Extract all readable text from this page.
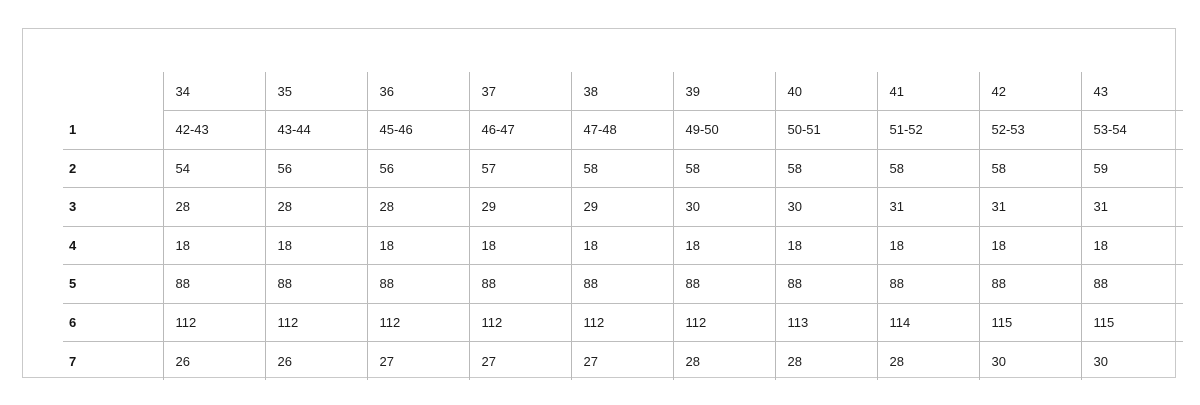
	34	35	36	37	38	39	40	41	42	43
1	42-43	43-44	45-46	46-47	47-48	49-50	50-51	51-52	52-53	53-54
2	54	56	56	57	58	58	58	58	58	59
3	28	28	28	29	29	30	30	31	31	31
4	18	18	18	18	18	18	18	18	18	18
5	88	88	88	88	88	88	88	88	88	88
6	112	112	112	112	112	112	113	114	115	115
7	26	26	27	27	27	28	28	28	30	30
